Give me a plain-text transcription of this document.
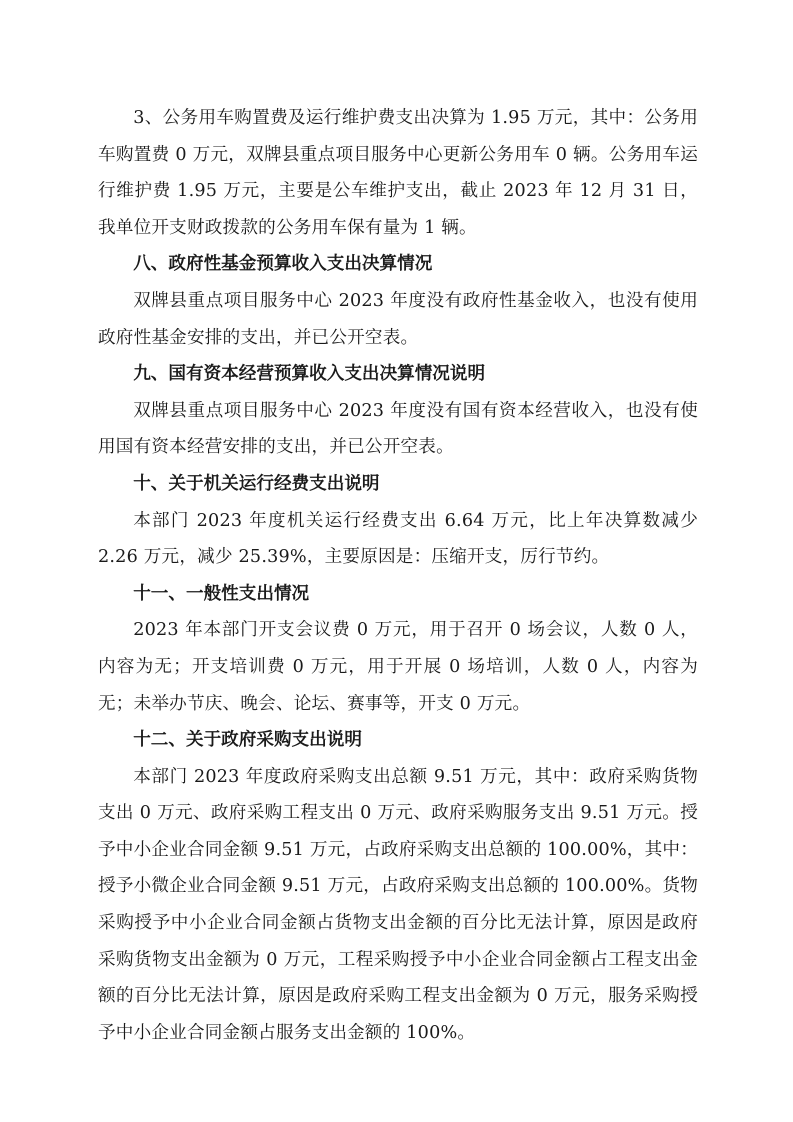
3、公务用车购置费及运行维护费支出决算为 1.95 万元，其中：公务用车购置费 0 万元，双牌县重点项目服务中心更新公务用车 0 辆。公务用车运行维护费 1.95 万元，主要是公车维护支出，截止 2023 年 12 月 31 日，我单位开支财政拨款的公务用车保有量为 1 辆。

八、政府性基金预算收入支出决算情况

双牌县重点项目服务中心 2023 年度没有政府性基金收入，也没有使用政府性基金安排的支出，并已公开空表。

九、国有资本经营预算收入支出决算情况说明

双牌县重点项目服务中心 2023 年度没有国有资本经营收入，也没有使用国有资本经营安排的支出，并已公开空表。

十、关于机关运行经费支出说明

本部门 2023 年度机关运行经费支出 6.64 万元，比上年决算数减少 2.26 万元，减少 25.39%，主要原因是：压缩开支，厉行节约。

十一、一般性支出情况

2023 年本部门开支会议费 0 万元，用于召开 0 场会议，人数 0 人，内容为无；开支培训费 0 万元，用于开展 0 场培训，人数 0 人，内容为无；未举办节庆、晚会、论坛、赛事等，开支 0 万元。

十二、关于政府采购支出说明

本部门 2023 年度政府采购支出总额 9.51 万元，其中：政府采购货物支出 0 万元、政府采购工程支出 0 万元、政府采购服务支出 9.51 万元。授予中小企业合同金额 9.51 万元，占政府采购支出总额的 100.00%，其中：授予小微企业合同金额 9.51 万元，占政府采购支出总额的 100.00%。货物采购授予中小企业合同金额占货物支出金额的百分比无法计算，原因是政府采购货物支出金额为 0 万元，工程采购授予中小企业合同金额占工程支出金额的百分比无法计算，原因是政府采购工程支出金额为 0 万元，服务采购授予中小企业合同金额占服务支出金额的 100%。
